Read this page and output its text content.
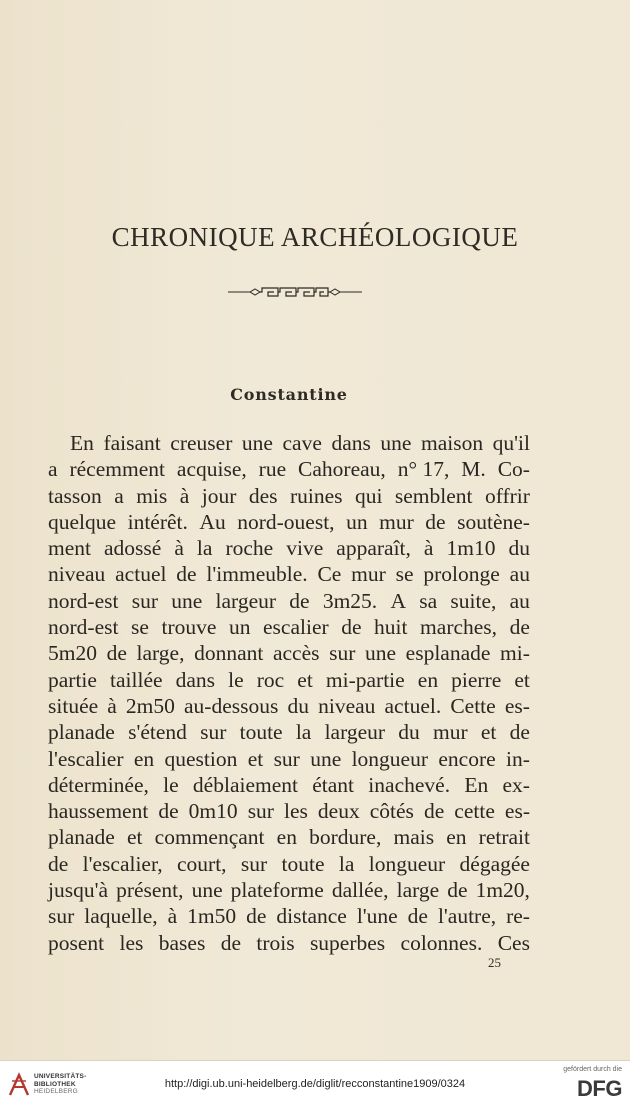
CHRONIQUE ARCHÉOLOGIQUE
Constantine
En faisant creuser une cave dans une maison qu'il
a récemment acquise, rue Cahoreau, n° 17, M. Co-
tasson a mis à jour des ruines qui semblent offrir
quelque intérêt. Au nord-ouest, un mur de soutène-
ment adossé à la roche vive apparaît, à 1m10 du
niveau actuel de l'immeuble. Ce mur se prolonge au
nord-est sur une largeur de 3m25. A sa suite, au
nord-est se trouve un escalier de huit marches, de
5m20 de large, donnant accès sur une esplanade mi-
partie taillée dans le roc et mi-partie en pierre et
située à 2m50 au-dessous du niveau actuel. Cette es-
planade s'étend sur toute la largeur du mur et de
l'escalier en question et sur une longueur encore in-
déterminée, le déblaiement étant inachevé. En ex-
haussement de 0m10 sur les deux côtés de cette es-
planade et commençant en bordure, mais en retrait
de l'escalier, court, sur toute la longueur dégagée
jusqu'à présent, une plateforme dallée, large de 1m20,
sur laquelle, à 1m50 de distance l'une de l'autre, re-
posent les bases de trois superbes colonnes. Ces
25
UNIVERSITÄTS-
BIBLIOTHEK
HEIDELBERG
http://digi.ub.uni-heidelberg.de/diglit/recconstantine1909/0324
gefördert durch die
DFG
